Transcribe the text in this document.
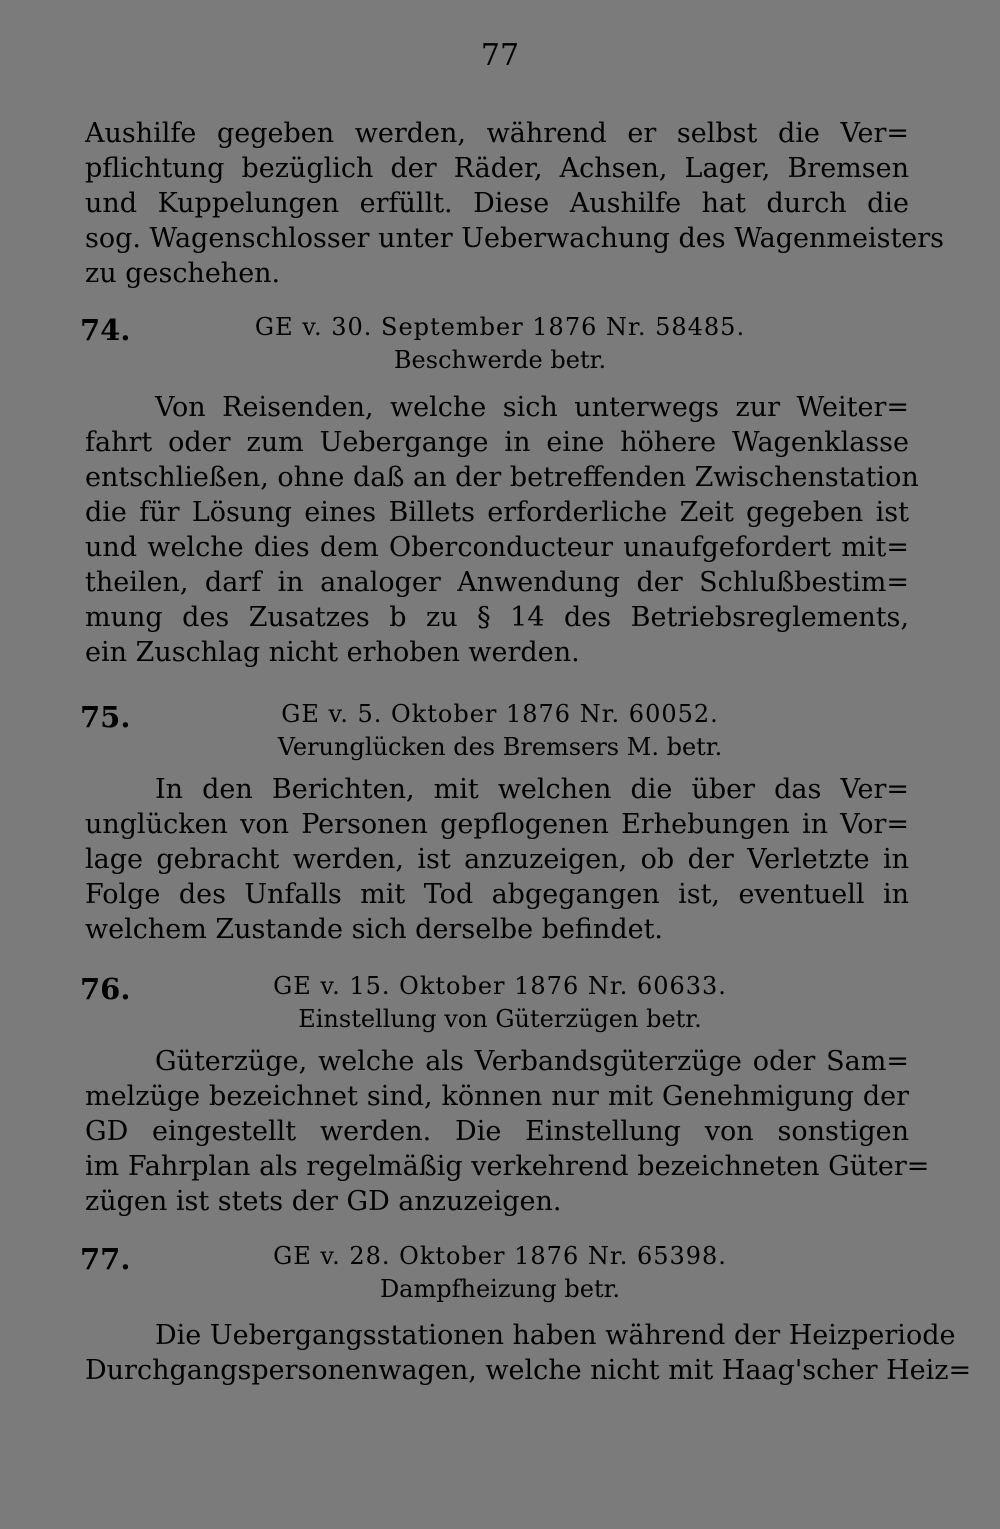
77
Aushilfe gegeben werden, während er selbst die Ver=
pflichtung bezüglich der Räder, Achsen, Lager, Bremsen
und Kuppelungen erfüllt. Diese Aushilfe hat durch die
sog. Wagenschlosser unter Ueberwachung des Wagenmeisters
zu geschehen.
74.	GE v. 30. September 1876 Nr. 58485.
Beschwerde betr.
Von Reisenden, welche sich unterwegs zur Weiter=
fahrt oder zum Uebergange in eine höhere Wagenklasse
entschließen, ohne daß an der betreffenden Zwischenstation
die für Lösung eines Billets erforderliche Zeit gegeben ist
und welche dies dem Oberconducteur unaufgefordert mit=
theilen, darf in analoger Anwendung der Schlußbestim=
mung des Zusatzes b zu § 14 des Betriebsreglements,
ein Zuschlag nicht erhoben werden.
75.	GE v. 5. Oktober 1876 Nr. 60052.
Verunglücken des Bremsers M. betr.
In den Berichten, mit welchen die über das Ver=
unglücken von Personen gepflogenen Erhebungen in Vor=
lage gebracht werden, ist anzuzeigen, ob der Verletzte in
Folge des Unfalls mit Tod abgegangen ist, eventuell in
welchem Zustande sich derselbe befindet.
76.	GE v. 15. Oktober 1876 Nr. 60633.
Einstellung von Güterzügen betr.
Güterzüge, welche als Verbandsgüterzüge oder Sam=
melzüge bezeichnet sind, können nur mit Genehmigung der
GD eingestellt werden. Die Einstellung von sonstigen
im Fahrplan als regelmäßig verkehrend bezeichneten Güter=
zügen ist stets der GD anzuzeigen.
77.	GE v. 28. Oktober 1876 Nr. 65398.
Dampfheizung betr.
Die Uebergangsstationen haben während der Heizperiode
Durchgangspersonenwagen, welche nicht mit Haag'scher Heiz=
